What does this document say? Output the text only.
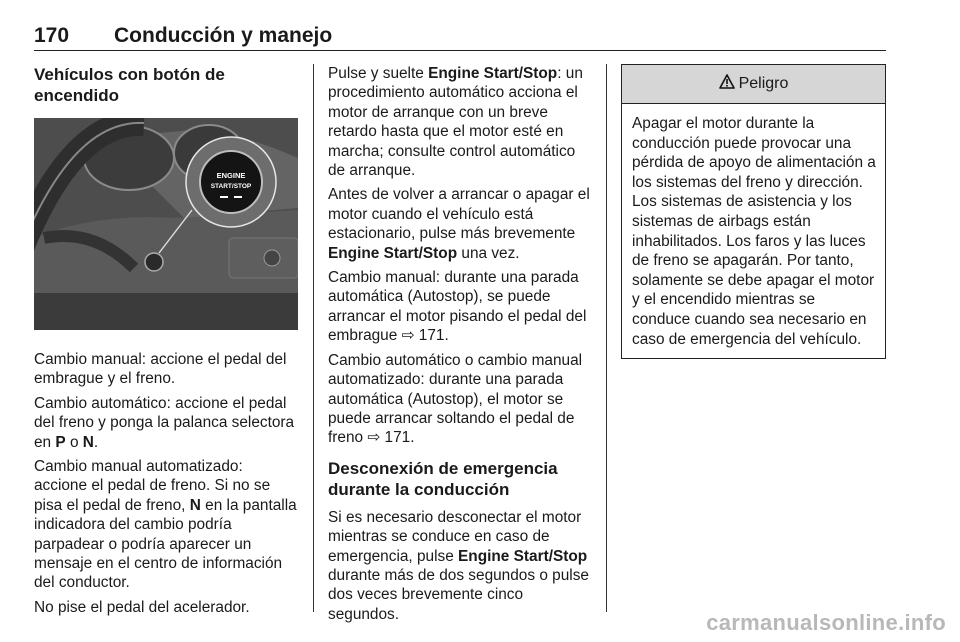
170 Conducción y manejo
Vehículos con botón de encendido
ENGINE
START/STOP

Cambio manual: accione el pedal del embrague y el freno.

Cambio automático: accione el pedal del freno y ponga la palanca selectora en P o N.

Cambio manual automatizado: accione el pedal de freno. Si no se pisa el pedal de freno, N en la pantalla indicadora del cambio podría parpadear o podría aparecer un mensaje en el centro de información del conductor.

No pise el pedal del acelerador.

Pulse y suelte Engine Start/Stop: un procedimiento automático acciona el motor de arranque con un breve retardo hasta que el motor esté en marcha; consulte control automático de arranque.

Antes de volver a arrancar o apagar el motor cuando el vehículo está estacionario, pulse más brevemente Engine Start/Stop una vez.

Cambio manual: durante una parada automática (Autostop), se puede arrancar el motor pisando el pedal del embrague ⇨ 171.

Cambio automático o cambio manual automatizado: durante una parada automática (Autostop), el motor se puede arrancar soltando el pedal de freno ⇨ 171.

Desconexión de emergencia durante la conducción

Si es necesario desconectar el motor mientras se conduce en caso de emergencia, pulse Engine Start/Stop durante más de dos segundos o pulse dos veces brevemente cinco segundos.

Peligro
Apagar el motor durante la conducción puede provocar una pérdida de apoyo de alimentación a los sistemas del freno y dirección. Los sistemas de asistencia y los sistemas de airbags están inhabilitados. Los faros y las luces de freno se apagarán. Por tanto, solamente se debe apagar el motor y el encendido mientras se conduce cuando sea necesario en caso de emergencia del vehículo.
carmanualsonline.info
